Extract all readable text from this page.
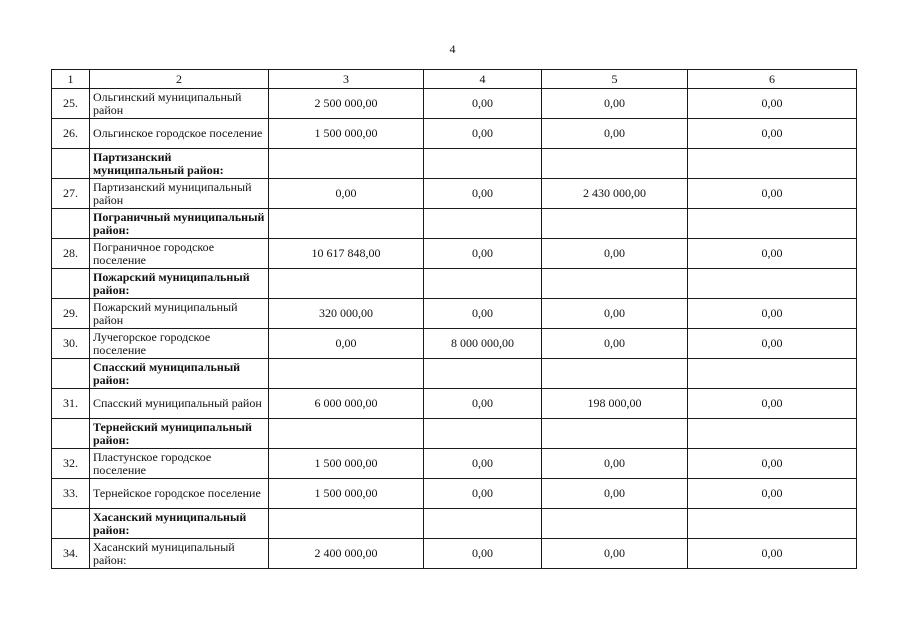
4
1	2	3	4	5	6
25.	Ольгинский муниципальный район	2 500 000,00	0,00	0,00	0,00
26.	Ольгинское городское поселение	1 500 000,00	0,00	0,00	0,00
	Партизанский муниципальный район:				
27.	Партизанский муниципальный район	0,00	0,00	2 430 000,00	0,00
	Пограничный муниципальный район:				
28.	Пограничное городское поселение	10 617 848,00	0,00	0,00	0,00
	Пожарский муниципальный район:				
29.	Пожарский муниципальный район	320 000,00	0,00	0,00	0,00
30.	Лучегорское городское поселение	0,00	8 000 000,00	0,00	0,00
	Спасский муниципальный район:				
31.	Спасский муниципальный район	6 000 000,00	0,00	198 000,00	0,00
	Тернейский муниципальный район:				
32.	Пластунское городское поселение	1 500 000,00	0,00	0,00	0,00
33.	Тернейское городское поселение	1 500 000,00	0,00	0,00	0,00
	Хасанский муниципальный район:				
34.	Хасанский муниципальный район:	2 400 000,00	0,00	0,00	0,00
